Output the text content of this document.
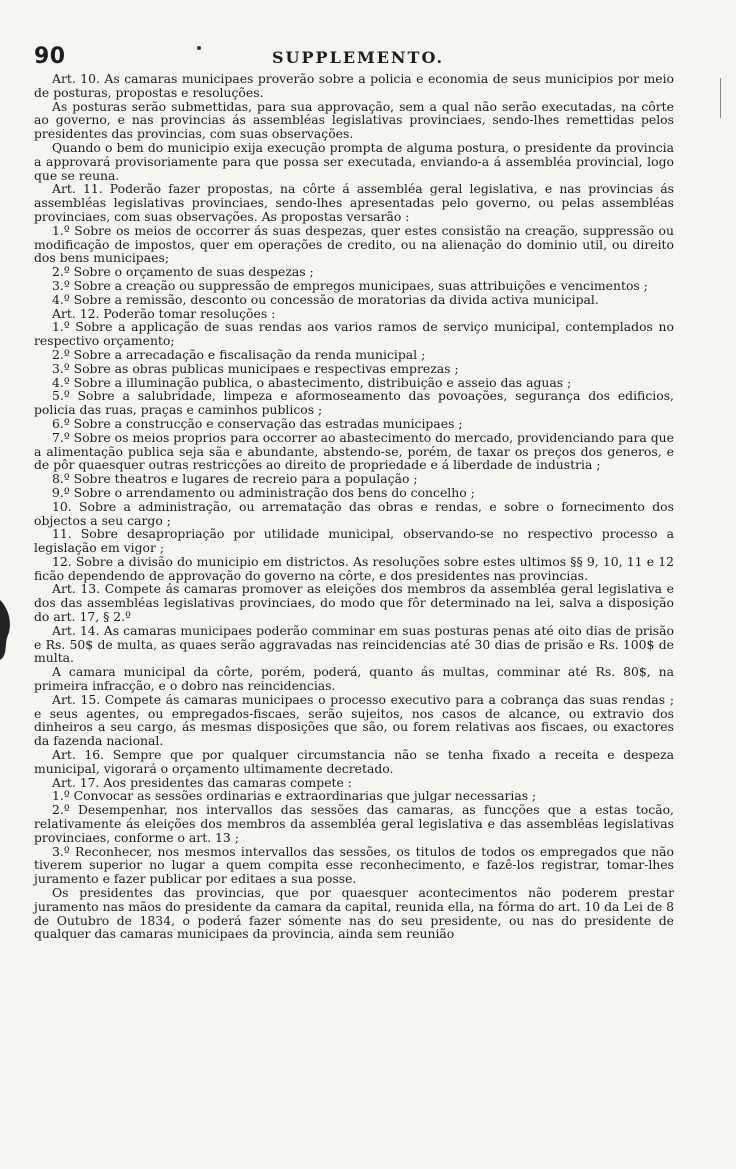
90	SUPPLEMENTO.

Art. 10. As camaras municipaes proverão sobre a policia e economia de seus municipios por meio de posturas, propostas e resoluções.

As posturas serão submettidas, para sua approvação, sem a qual não serão executadas, na côrte ao governo, e nas provincias ás assembléas legislativas provinciaes, sendo-lhes remettidas pelos presidentes das provincias, com suas observações.

Quando o bem do municipio exija execução prompta de alguma postura, o presidente da provincia a approvará provisoriamente para que possa ser executada, enviando-a á assembléa provincial, logo que se reuna.

Art. 11. Poderão fazer propostas, na côrte á assembléa geral legislativa, e nas provincias ás assembléas legislativas provinciaes, sendo-lhes apresentadas pelo governo, ou pelas assembléas provinciaes, com suas observações. As propostas versarão :

1.º Sobre os meios de occorrer ás suas despezas, quer estes consistão na creação, suppressão ou modificação de impostos, quer em operações de credito, ou na alienação do dominio util, ou direito dos bens municipaes;

2.º Sobre o orçamento de suas despezas ;

3.º Sobre a creação ou suppressão de empregos municipaes, suas attribuições e vencimentos ;

4.º Sobre a remissão, desconto ou concessão de moratorias da divida activa municipal.

Art. 12. Poderão tomar resoluções :

1.º Sobre a applicação de suas rendas aos varios ramos de serviço municipal, contemplados no respectivo orçamento;

2.º Sobre a arrecadação e fiscalisação da renda municipal ;

3.º Sobre as obras publicas municipaes e respectivas emprezas ;

4.º Sobre a illuminação publica, o abastecimento, distribuição e asseio das aguas ;

5.º Sobre a salubridade, limpeza e aformoseamento das povoações, segurança dos edificios, policia das ruas, praças e caminhos publicos ;

6.º Sobre a construcção e conservação das estradas municipaes ;

7.º Sobre os meios proprios para occorrer ao abastecimento do mercado, providenciando para que a alimentação publica seja sãa e abundante, abstendo-se, porém, de taxar os preços dos generos, e de pôr quaesquer outras restricções ao direito de propriedade e á liberdade de industria ;

8.º Sobre theatros e lugares de recreio para a população ;

9.º Sobre o arrendamento ou administração dos bens do concelho ;

10. Sobre a administração, ou arrematação das obras e rendas, e sobre o fornecimento dos objectos a seu cargo ;

11. Sobre desapropriação por utilidade municipal, observando-se no respectivo processo a legislação em vigor ;

12. Sobre a divisão do municipio em districtos. As resoluções sobre estes ultimos §§ 9, 10, 11 e 12 ficão dependendo de approvação do governo na côrte, e dos presidentes nas provincias.

Art. 13. Compete ás camaras promover as eleições dos membros da assembléa geral legislativa e dos das assembléas legislativas provinciaes, do modo que fôr determinado na lei, salva a disposição do art. 17, § 2.º

Art. 14. As camaras municipaes poderão comminar em suas posturas penas até oito dias de prisão e Rs. 50$ de multa, as quaes serão aggravadas nas reincidencias até 30 dias de prisão e Rs. 100$ de multa.

A camara municipal da côrte, porém, poderá, quanto ás multas, comminar até Rs. 80$, na primeira infracção, e o dobro nas reincidencias.

Art. 15. Compete ás camaras municipaes o processo executivo para a cobrança das suas rendas ; e seus agentes, ou empregados-fiscaes, serão sujeitos, nos casos de alcance, ou extravio dos dinheiros a seu cargo, ás mesmas disposições que são, ou forem relativas aos fiscaes, ou exactores da fazenda nacional.

Art. 16. Sempre que por qualquer circumstancia não se tenha fixado a receita e despeza municipal, vigorará o orçamento ultimamente decretado.

Art. 17. Aos presidentes das camaras compete :

1.º Convocar as sessões ordinarias e extraordinarias que julgar necessarias ;

2.º Desempenhar, nos intervallos das sessões das camaras, as funcções que a estas tocão, relativamente ás eleições dos membros da assembléa geral legislativa e das assembléas legislativas provinciaes, conforme o art. 13 ;

3.º Reconhecer, nos mesmos intervallos das sessões, os titulos de todos os empregados que não tiverem superior no lugar a quem compita esse reconhecimento, e fazê-los registrar, tomar-lhes juramento e fazer publicar por editaes a sua posse.

Os presidentes das provincias, que por quaesquer acontecimentos não poderem prestar juramento nas mãos do presidente da camara da capital, reunida ella, na fórma do art. 10 da Lei de 8 de Outubro de 1834, o poderá fazer sómente nas do seu presidente, ou nas do presidente de qualquer das camaras municipaes da provincia, ainda sem reunião
